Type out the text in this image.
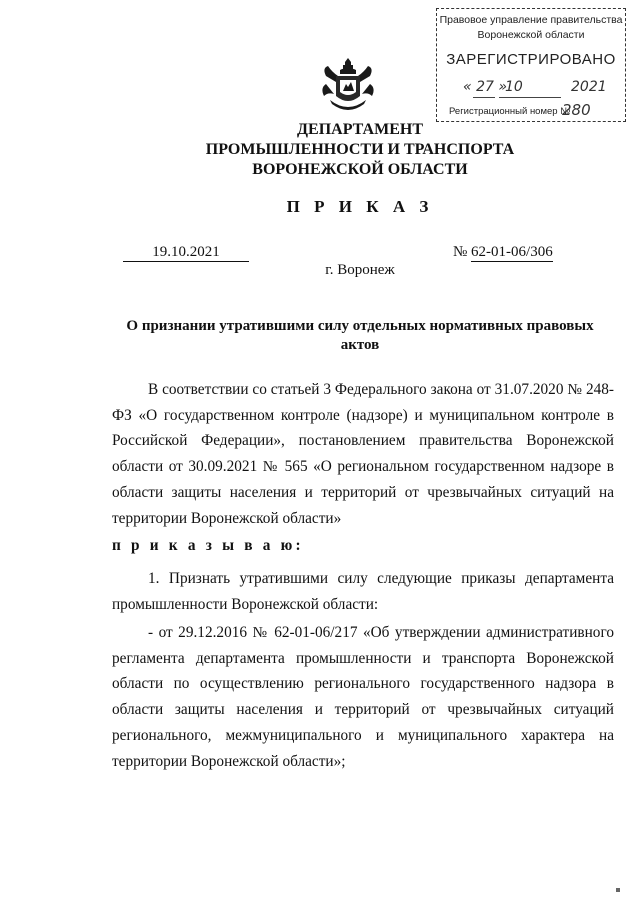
Правовое управление правительства
Воронежской области
ЗАРЕГИСТРИРОВАНО
« 27 »
10	2021
Регистрационный номер №
280
ДЕПАРТАМЕНТ
ПРОМЫШЛЕННОСТИ И ТРАНСПОРТА
ВОРОНЕЖСКОЙ ОБЛАСТИ
П Р И К А З
19.10.2021	№ 62-01-06/306
г. Воронеж
О признании утратившими силу отдельных нормативных правовых
актов
В соответствии со статьей 3 Федерального закона от 31.07.2020 № 248-ФЗ «О государственном контроле (надзоре) и муниципальном контроле в Российской Федерации», постановлением правительства Воронежской области от 30.09.2021 № 565 «О региональном государственном надзоре в области защиты населения и территорий от чрезвычайных ситуаций на территории Воронежской области»
п р и к а з ы в а ю:
1. Признать утратившими силу следующие приказы департамента промышленности Воронежской области:
- от 29.12.2016 № 62-01-06/217 «Об утверждении административного регламента департамента промышленности и транспорта Воронежской области по осуществлению регионального государственного надзора в области защиты населения и территорий от чрезвычайных ситуаций регионального, межмуниципального и муниципального характера на территории Воронежской области»;
